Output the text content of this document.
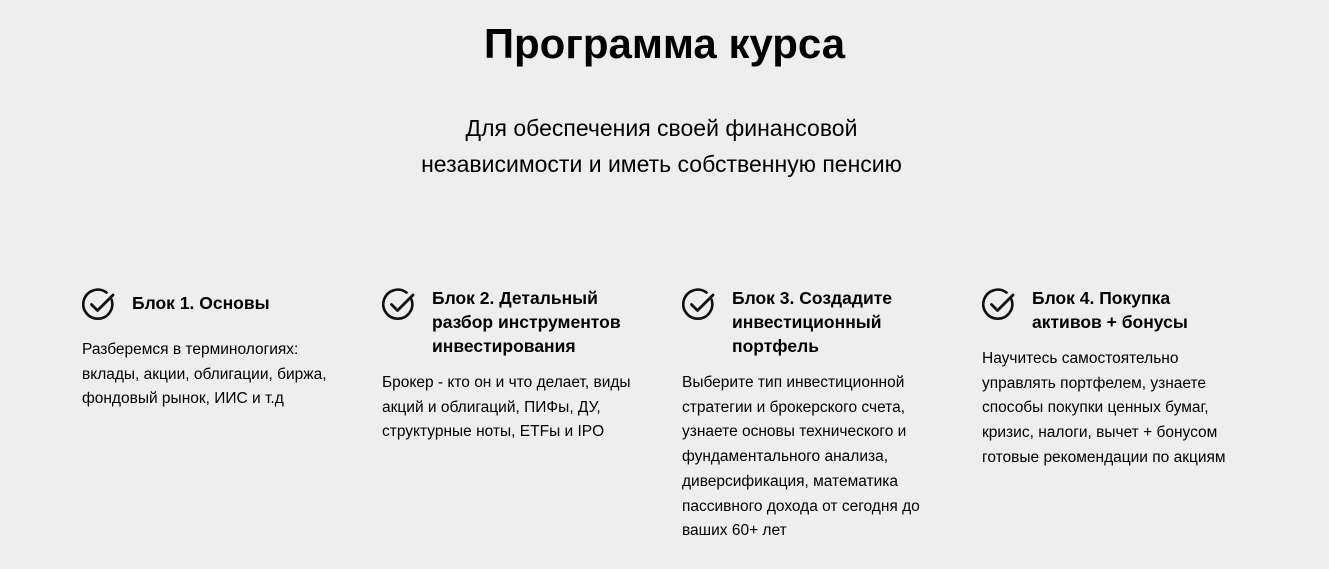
Программа курса

Для обеспечения своей финансовой
независимости и иметь собственную пенсию

Блок 1. Основы
Разберемся в терминологиях:
вклады, акции, облигации, биржа,
фондовый рынок, ИИС и т.д
Блок 2. Детальный
разбор инструментов
инвестирования
Брокер - кто он и что делает, виды
акций и облигаций, ПИФы, ДУ,
структурные ноты, ETFы и IPO
Блок 3. Создадите
инвестиционный
портфель
Выберите тип инвестиционной
стратегии и брокерского счета,
узнаете основы технического и
фундаментального анализа,
диверсификация, математика
пассивного дохода от сегодня до
ваших 60+ лет
Блок 4. Покупка
активов + бонусы
Научитесь самостоятельно
управлять портфелем, узнаете
способы покупки ценных бумаг,
кризис, налоги, вычет + бонусом
готовые рекомендации по акциям
